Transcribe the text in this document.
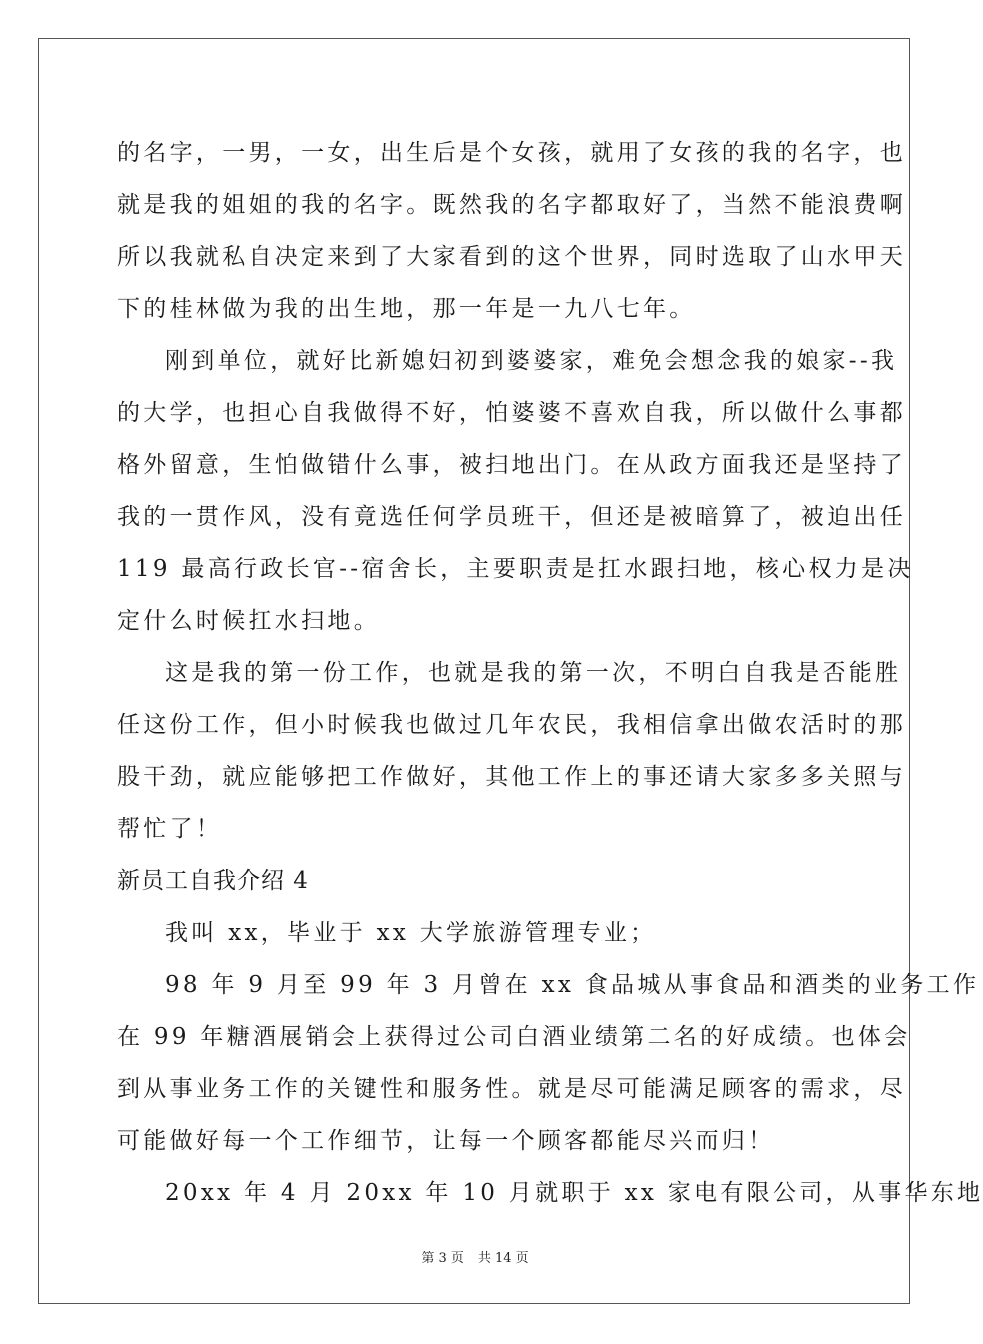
的名字，一男，一女，出生后是个女孩，就用了女孩的我的名字，也
就是我的姐姐的我的名字。既然我的名字都取好了，当然不能浪费啊
所以我就私自决定来到了大家看到的这个世界，同时选取了山水甲天
下的桂林做为我的出生地，那一年是一九八七年。
刚到单位，就好比新媳妇初到婆婆家，难免会想念我的娘家--我
的大学，也担心自我做得不好，怕婆婆不喜欢自我，所以做什么事都
格外留意，生怕做错什么事，被扫地出门。在从政方面我还是坚持了
我的一贯作风，没有竟选任何学员班干，但还是被暗算了，被迫出任
119 最高行政长官--宿舍长，主要职责是扛水跟扫地，核心权力是决
定什么时候扛水扫地。
这是我的第一份工作，也就是我的第一次，不明白自我是否能胜
任这份工作，但小时候我也做过几年农民，我相信拿出做农活时的那
股干劲，就应能够把工作做好，其他工作上的事还请大家多多关照与
帮忙了！
新员工自我介绍 4
我叫 xx，毕业于 xx 大学旅游管理专业；
98 年 9 月至 99 年 3 月曾在 xx 食品城从事食品和酒类的业务工作
在 99 年糖酒展销会上获得过公司白酒业绩第二名的好成绩。也体会
到从事业务工作的关键性和服务性。就是尽可能满足顾客的需求，尽
可能做好每一个工作细节，让每一个顾客都能尽兴而归！
20xx 年 4 月 20xx 年 10 月就职于 xx 家电有限公司，从事华东地
第 3 页 共 14 页
